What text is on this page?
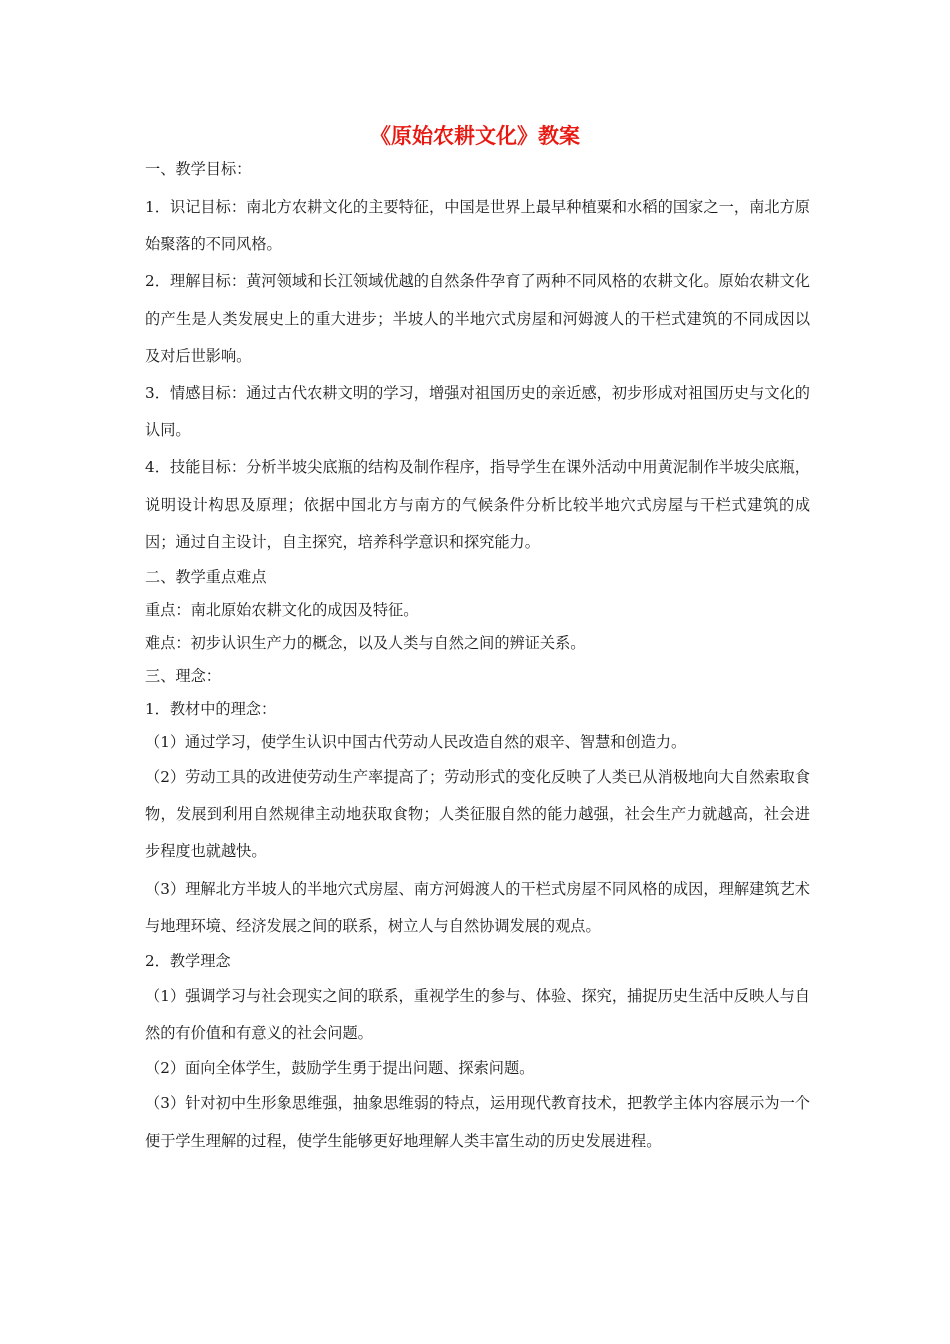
《原始农耕文化》教案
一、教学目标：
1．识记目标：南北方农耕文化的主要特征，中国是世界上最早种植粟和水稻的国家之一，南北方原始聚落的不同风格。
2．理解目标：黄河领域和长江领域优越的自然条件孕育了两种不同风格的农耕文化。原始农耕文化的产生是人类发展史上的重大进步；半坡人的半地穴式房屋和河姆渡人的干栏式建筑的不同成因以及对后世影响。
3．情感目标：通过古代农耕文明的学习，增强对祖国历史的亲近感，初步形成对祖国历史与文化的认同。
4．技能目标：分析半坡尖底瓶的结构及制作程序，指导学生在课外活动中用黄泥制作半坡尖底瓶，说明设计构思及原理；依据中国北方与南方的气候条件分析比较半地穴式房屋与干栏式建筑的成因；通过自主设计，自主探究，培养科学意识和探究能力。
二、教学重点难点
重点：南北原始农耕文化的成因及特征。
难点：初步认识生产力的概念，以及人类与自然之间的辨证关系。
三、理念：
1．教材中的理念：
（1）通过学习，使学生认识中国古代劳动人民改造自然的艰辛、智慧和创造力。
（2）劳动工具的改进使劳动生产率提高了；劳动形式的变化反映了人类已从消极地向大自然索取食物，发展到利用自然规律主动地获取食物；人类征服自然的能力越强，社会生产力就越高，社会进步程度也就越快。
（3）理解北方半坡人的半地穴式房屋、南方河姆渡人的干栏式房屋不同风格的成因，理解建筑艺术与地理环境、经济发展之间的联系，树立人与自然协调发展的观点。
2．教学理念
（1）强调学习与社会现实之间的联系，重视学生的参与、体验、探究，捕捉历史生活中反映人与自然的有价值和有意义的社会问题。
（2）面向全体学生，鼓励学生勇于提出问题、探索问题。
（3）针对初中生形象思维强，抽象思维弱的特点，运用现代教育技术，把教学主体内容展示为一个便于学生理解的过程，使学生能够更好地理解人类丰富生动的历史发展进程。
